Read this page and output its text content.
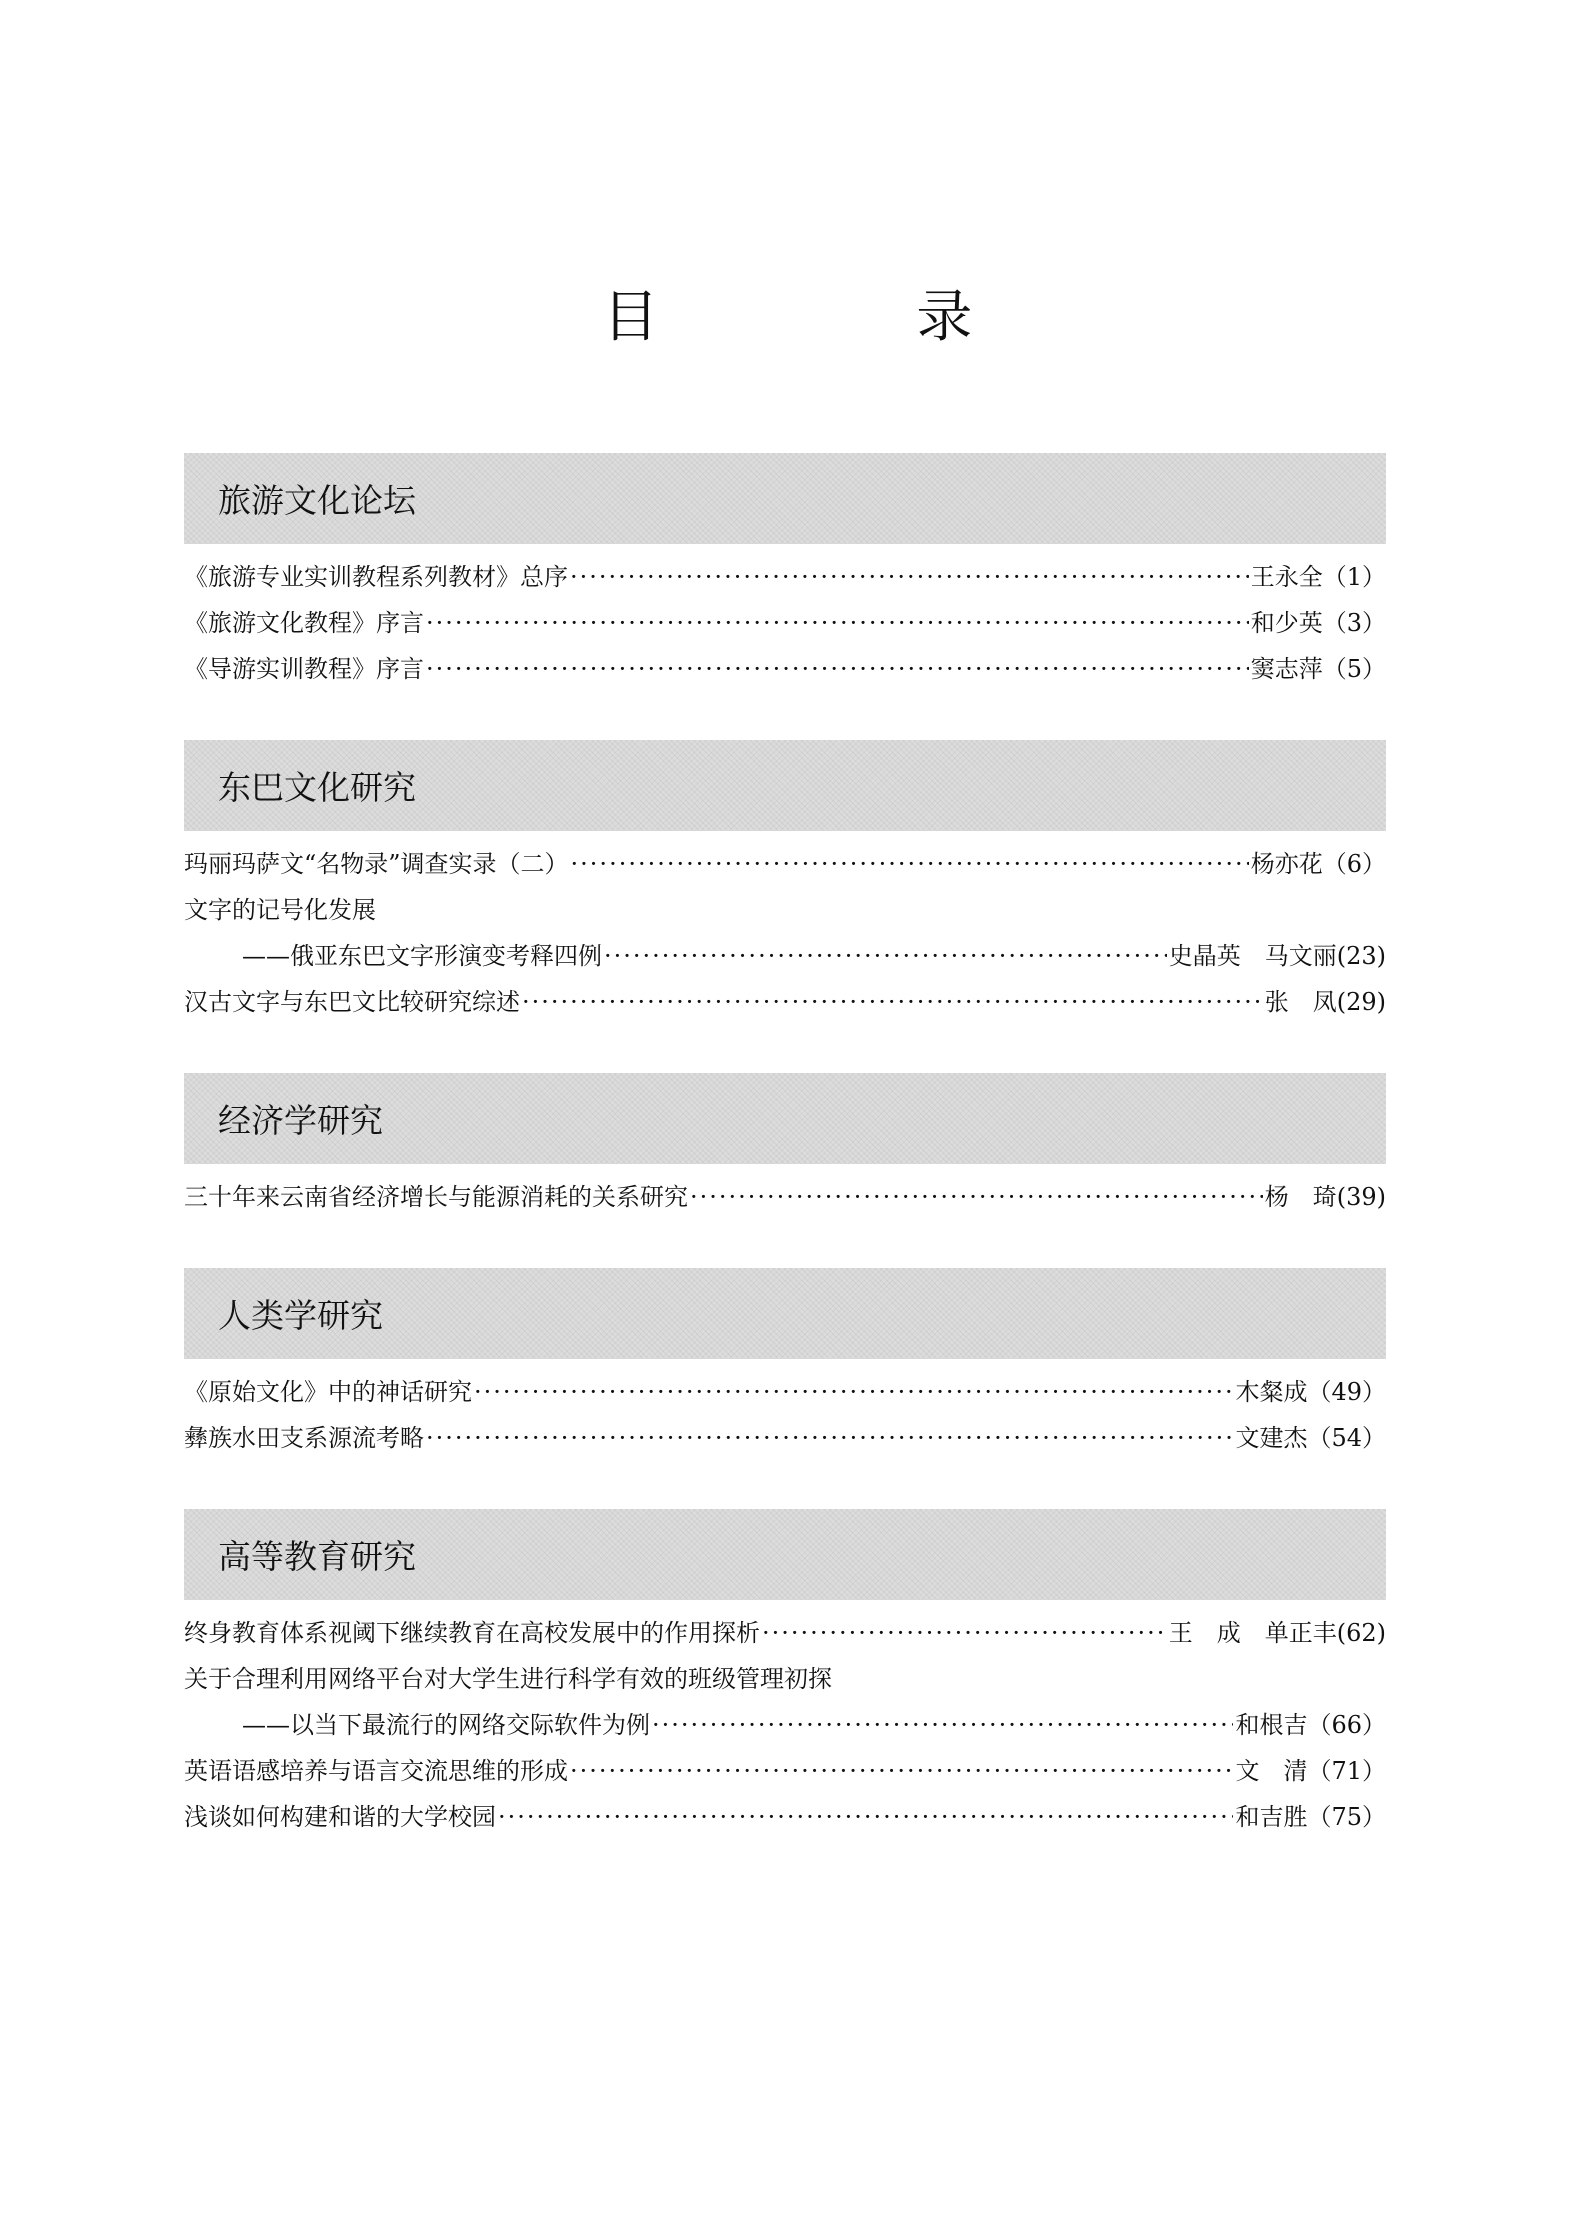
目 录
旅游文化论坛
《旅游专业实训教程系列教材》总序 ·····	王永全 （1）
《旅游文化教程》序言 ·····	和少英 （3）
《导游实训教程》序言 ·····	窦志萍 （5）
东巴文化研究
玛丽玛萨文“名物录”调查实录（二） ·····	杨亦花 （6）
文字的记号化发展
——俄亚东巴文字形演变考释四例 ·····	史晶英　马文丽 (23)
汉古文字与东巴文比较研究综述 ·····	张　凤 (29)
经济学研究
三十年来云南省经济增长与能源消耗的关系研究 ·····	杨　琦 (39)
人类学研究
《原始文化》中的神话研究 ·····	木粲成 （49）
彝族水田支系源流考略 ·····	文建杰 （54）
高等教育研究
终身教育体系视阈下继续教育在高校发展中的作用探析 ·····	王　成　单正丰 (62)
关于合理利用网络平台对大学生进行科学有效的班级管理初探
——以当下最流行的网络交际软件为例 ·····	和根吉 （66）
英语语感培养与语言交流思维的形成 ·····	文　清 （71）
浅谈如何构建和谐的大学校园 ·····	和吉胜 （75）
